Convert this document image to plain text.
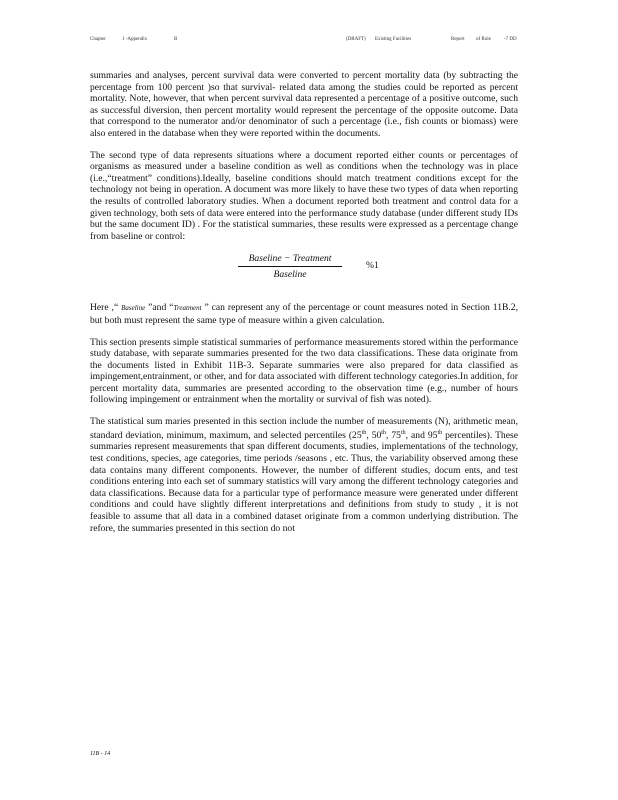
Chapter	1 -Appendix	B	(DRAFT) Existing Facilities	Report of Rule	-7 DD

summaries and analyses, percent survival data were converted to percent mortality data (by subtracting the percentage from 100 percent )so that survival- related data among the studies could be reported as percent mortality. Note, however, that when percent survival data represented a percentage of a positive outcome, such as successful diversion, then percent mortality would represent the percentage of the opposite outcome. Data that correspond to the numerator and/or denominator of such a percentage (i.e., fish counts or biomass) were also entered in the database when they were reported within the documents.

The second type of data represents situations where a document reported either counts or percentages of organisms as measured under a baseline condition as well as conditions when the technology was in place (i.e.,“treatment” conditions).Ideally, baseline conditions should match treatment conditions except for the technology not being in operation. A document was more likely to have these two types of data when reporting the results of controlled laboratory studies. When a document reported both treatment and control data for a given technology, both sets of data were entered into the performance study database (under different study IDs but the same document ID) . For the statistical summaries, these results were expressed as a percentage change from baseline or control:

Baseline − Treatment
Baseline
%1

Here ,“ Baseline ”and “Treatment ” can represent any of the percentage or count measures noted in Section 11B.2, but both must represent the same type of measure within a given calculation.

This section presents simple statistical summaries of performance measurements stored within the performance study database, with separate summaries presented for the two data classifications. These data originate from the documents listed in Exhibit 11B-3. Separate summaries were also prepared for data classified as impingement,entrainment, or other, and for data associated with different technology categories.In addition, for percent mortality data, summaries are presented according to the observation time (e.g., number of hours following impingement or entrainment when the mortality or survival of fish was noted).

The statistical sum maries presented in this section include the number of measurements (N), arithmetic mean, standard deviation, minimum, maximum, and selected percentiles (25th, 50th, 75th, and 95th percentiles). These summaries represent measurements that span different documents, studies, implementations of the technology, test conditions, species, age categories, time periods /seasons , etc. Thus, the variability observed among these data contains many different components. However, the number of different studies, docum ents, and test conditions entering into each set of summary statistics will vary among the different technology categories and data classifications. Because data for a particular type of performance measure were generated under different conditions and could have slightly different interpretations and definitions from study to study , it is not feasible to assume that all data in a combined dataset originate from a common underlying distribution. The refore, the summaries presented in this section do not

11B - 14
